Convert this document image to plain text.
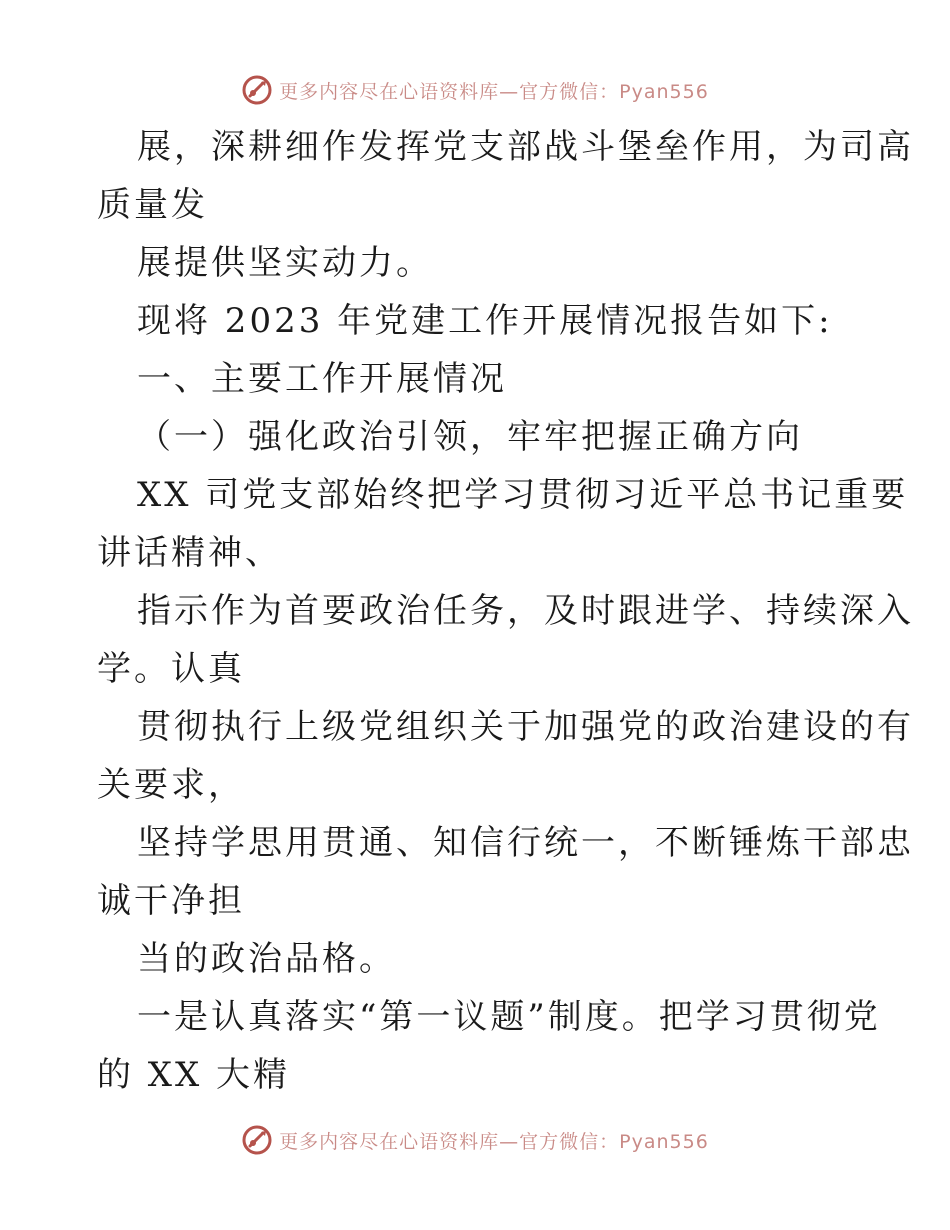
更多内容尽在心语资料库—官方微信：Pyan556
展，深耕细作发挥党支部战斗堡垒作用，为司高
质量发
展提供坚实动力。
现将 2023 年党建工作开展情况报告如下:
一、主要工作开展情况
（一）强化政治引领，牢牢把握正确方向
XX 司党支部始终把学习贯彻习近平总书记重要
讲话精神、
指示作为首要政治任务，及时跟进学、持续深入
学。认真
贯彻执行上级党组织关于加强党的政治建设的有
关要求，
坚持学思用贯通、知信行统一，不断锤炼干部忠
诚干净担
当的政治品格。
一是认真落实“第一议题”制度。把学习贯彻党
的 XX 大精
更多内容尽在心语资料库—官方微信：Pyan556
